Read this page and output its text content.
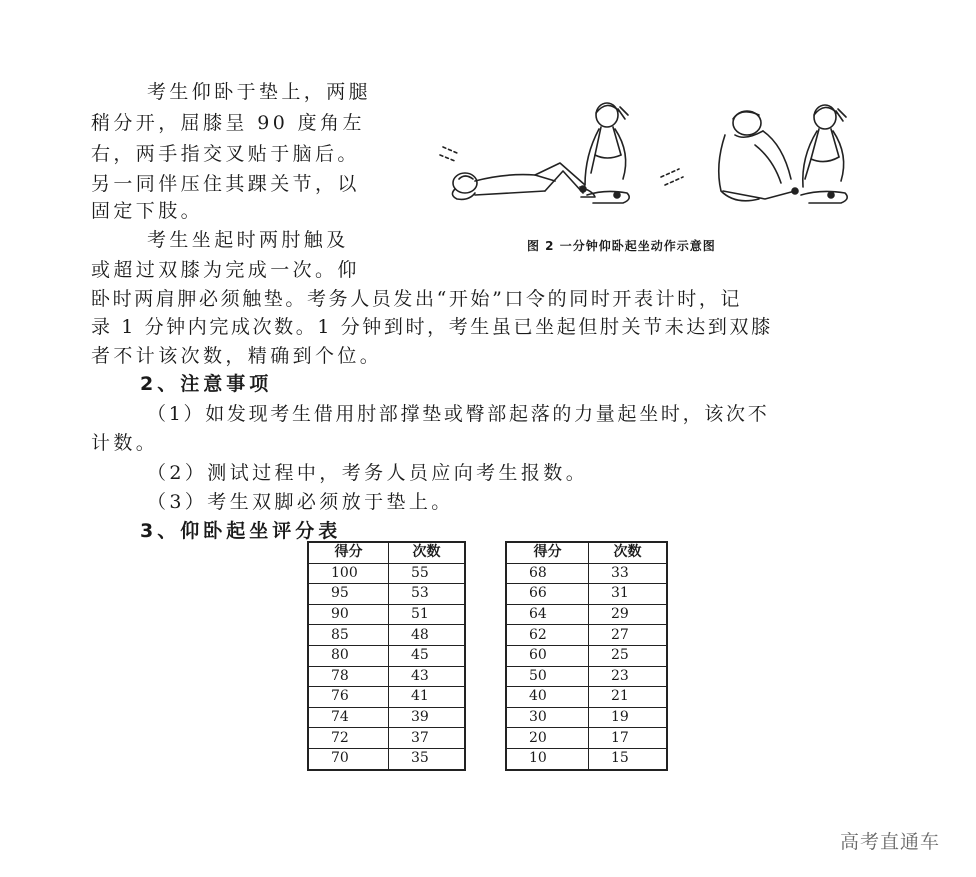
考生仰卧于垫上，两腿
稍分开，屈膝呈 90 度角左
右，两手指交叉贴于脑后。
另一同伴压住其踝关节，以
固定下肢。
考生坐起时两肘触及
或超过双膝为完成一次。仰
卧时两肩胛必须触垫。考务人员发出“开始”口令的同时开表计时，记
录 1 分钟内完成次数。1 分钟到时，考生虽已坐起但肘关节未达到双膝
者不计该次数，精确到个位。
图 2 一分钟仰卧起坐动作示意图
2、注意事项
（1）如发现考生借用肘部撑垫或臀部起落的力量起坐时，该次不
计数。
（2）测试过程中，考务人员应向考生报数。
（3）考生双脚必须放于垫上。
3、仰卧起坐评分表
得分	次数
100	55
95	53
90	51
85	48
80	45
78	43
76	41
74	39
72	37
70	35
得分	次数
68	33
66	31
64	29
62	27
60	25
50	23
40	21
30	19
20	17
10	15
高考直通车
